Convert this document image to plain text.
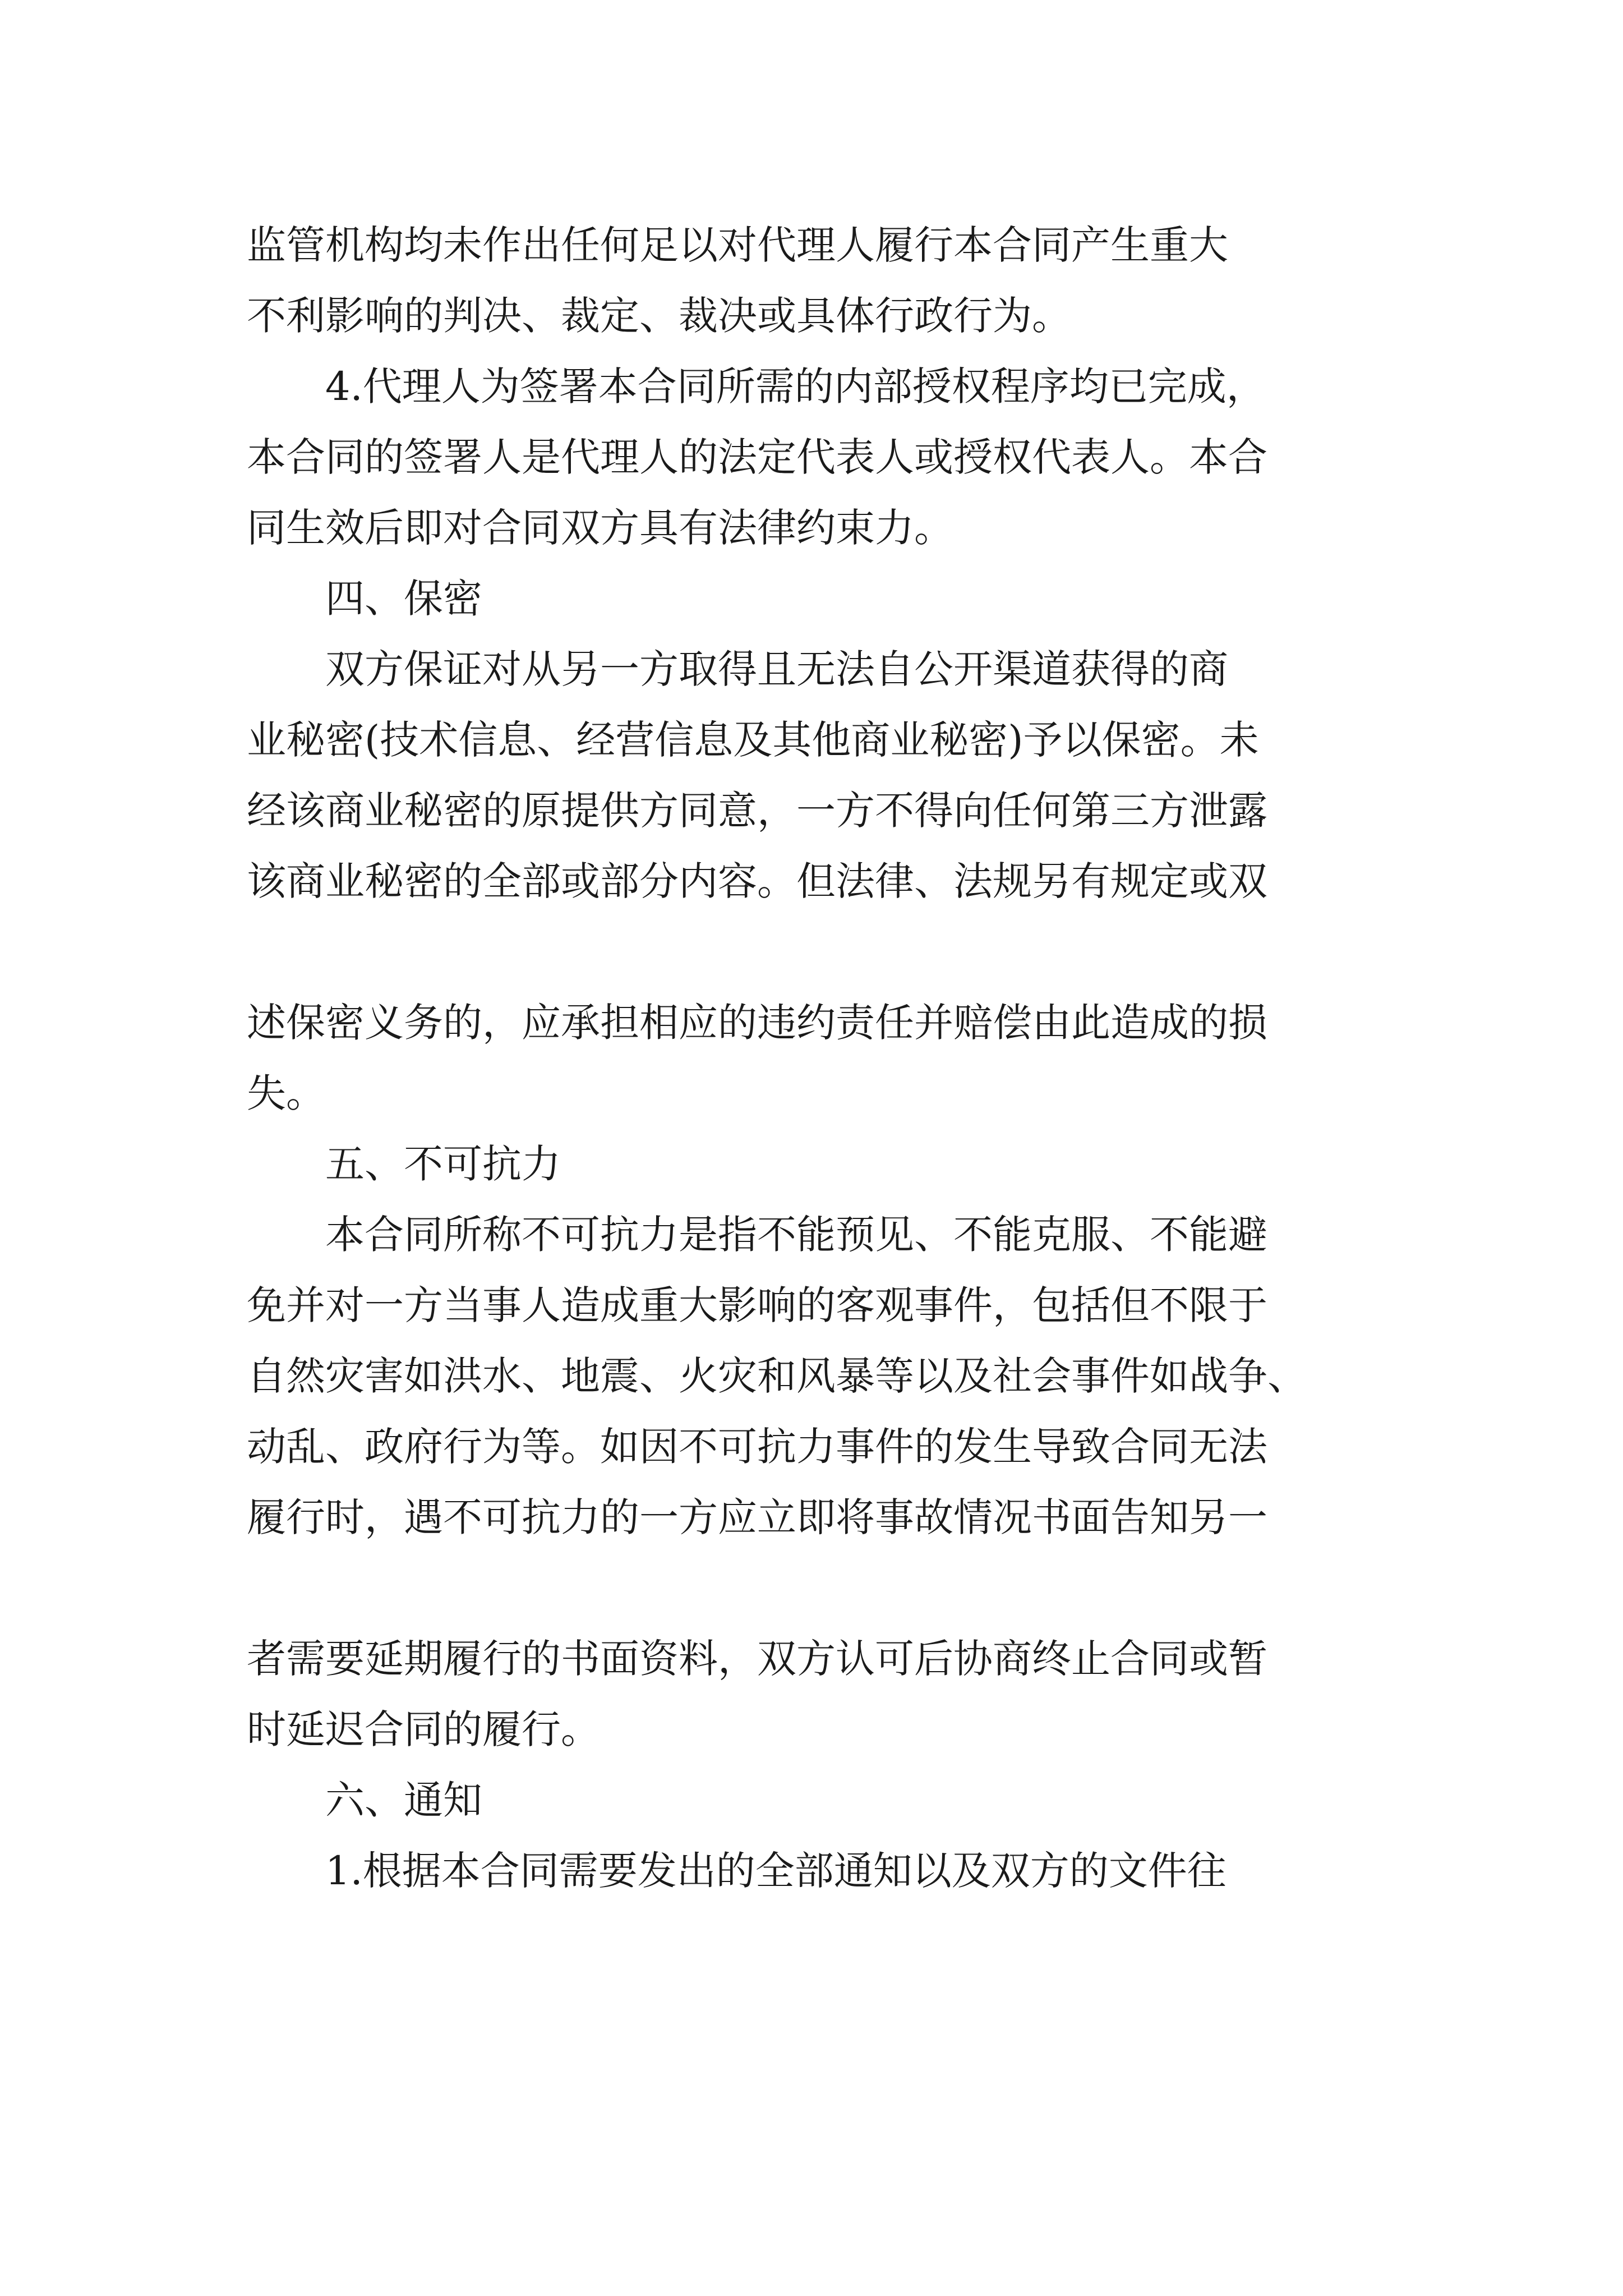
监管机构均未作出任何足以对代理人履行本合同产生重大

不利影响的判决、裁定、裁决或具体行政行为。

4.代理人为签署本合同所需的内部授权程序均已完成，

本合同的签署人是代理人的法定代表人或授权代表人。本合

同生效后即对合同双方具有法律约束力。

四、保密

双方保证对从另一方取得且无法自公开渠道获得的商

业秘密(技术信息、经营信息及其他商业秘密)予以保密。未

经该商业秘密的原提供方同意，一方不得向任何第三方泄露

该商业秘密的全部或部分内容。但法律、法规另有规定或双

述保密义务的，应承担相应的违约责任并赔偿由此造成的损

失。

五、不可抗力

本合同所称不可抗力是指不能预见、不能克服、不能避

免并对一方当事人造成重大影响的客观事件，包括但不限于

自然灾害如洪水、地震、火灾和风暴等以及社会事件如战争、

动乱、政府行为等。如因不可抗力事件的发生导致合同无法

履行时，遇不可抗力的一方应立即将事故情况书面告知另一

者需要延期履行的书面资料，双方认可后协商终止合同或暂

时延迟合同的履行。

六、通知

1.根据本合同需要发出的全部通知以及双方的文件往
